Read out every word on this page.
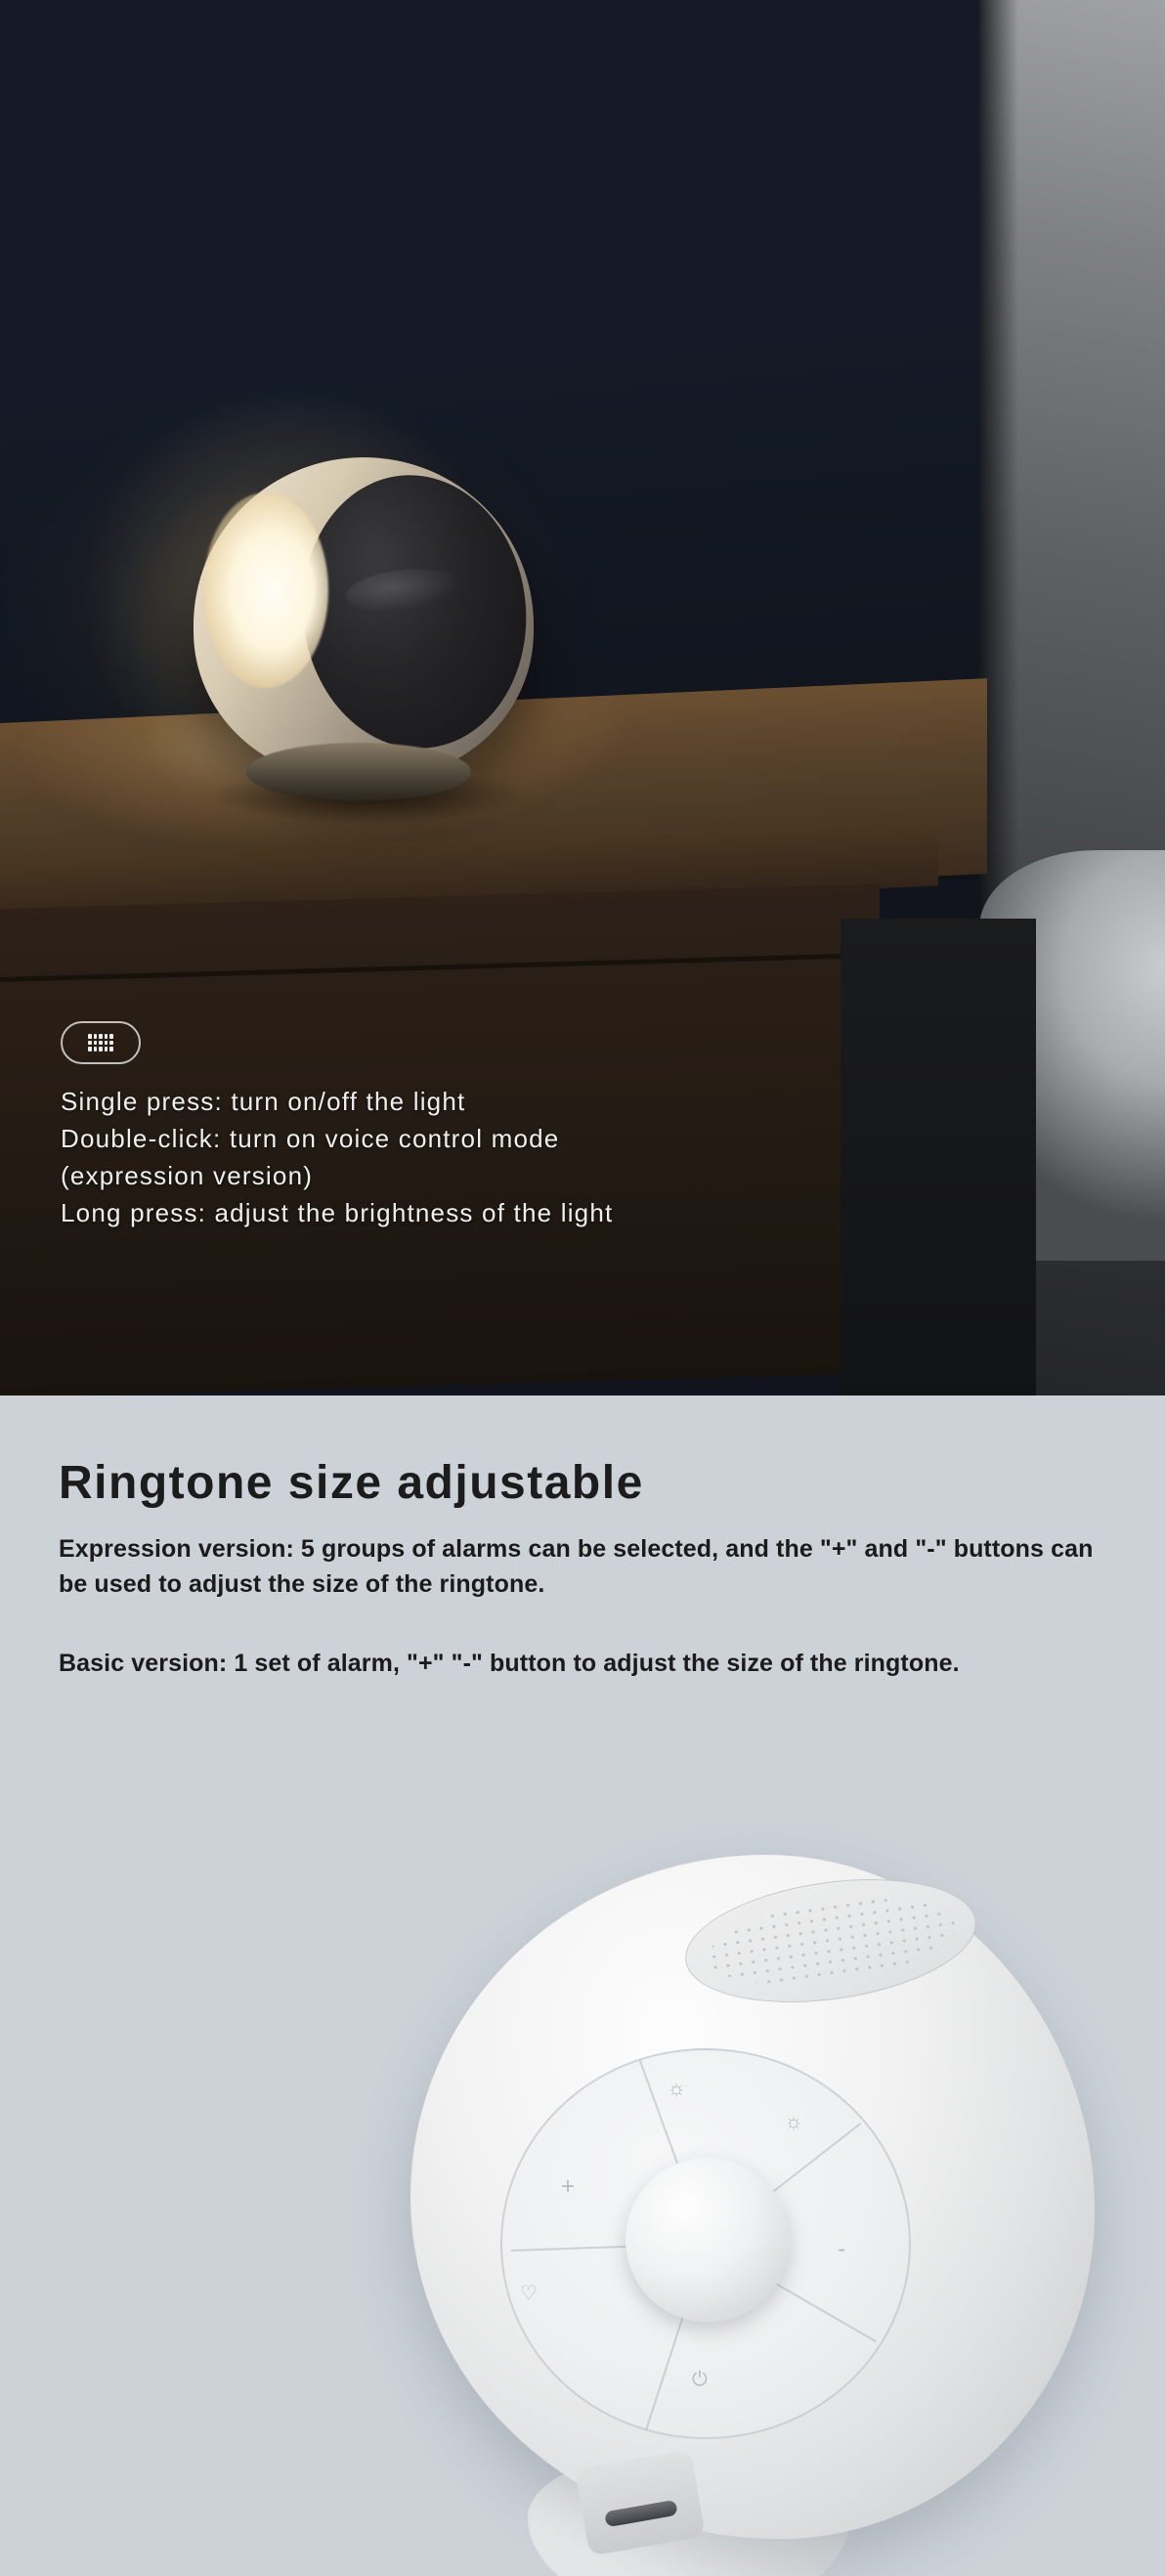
Single press: turn on/off the light
Double-click: turn on voice control mode
(expression version)
Long press: adjust the brightness of the light
Ringtone size adjustable

Expression version: 5 groups of alarms can be selected, and the "+" and "-" buttons can be used to adjust the size of the ringtone.

Basic version: 1 set of alarm, "+" "-" button to adjust the size of the ringtone.

+
-
☼
☼
♡
⏻
